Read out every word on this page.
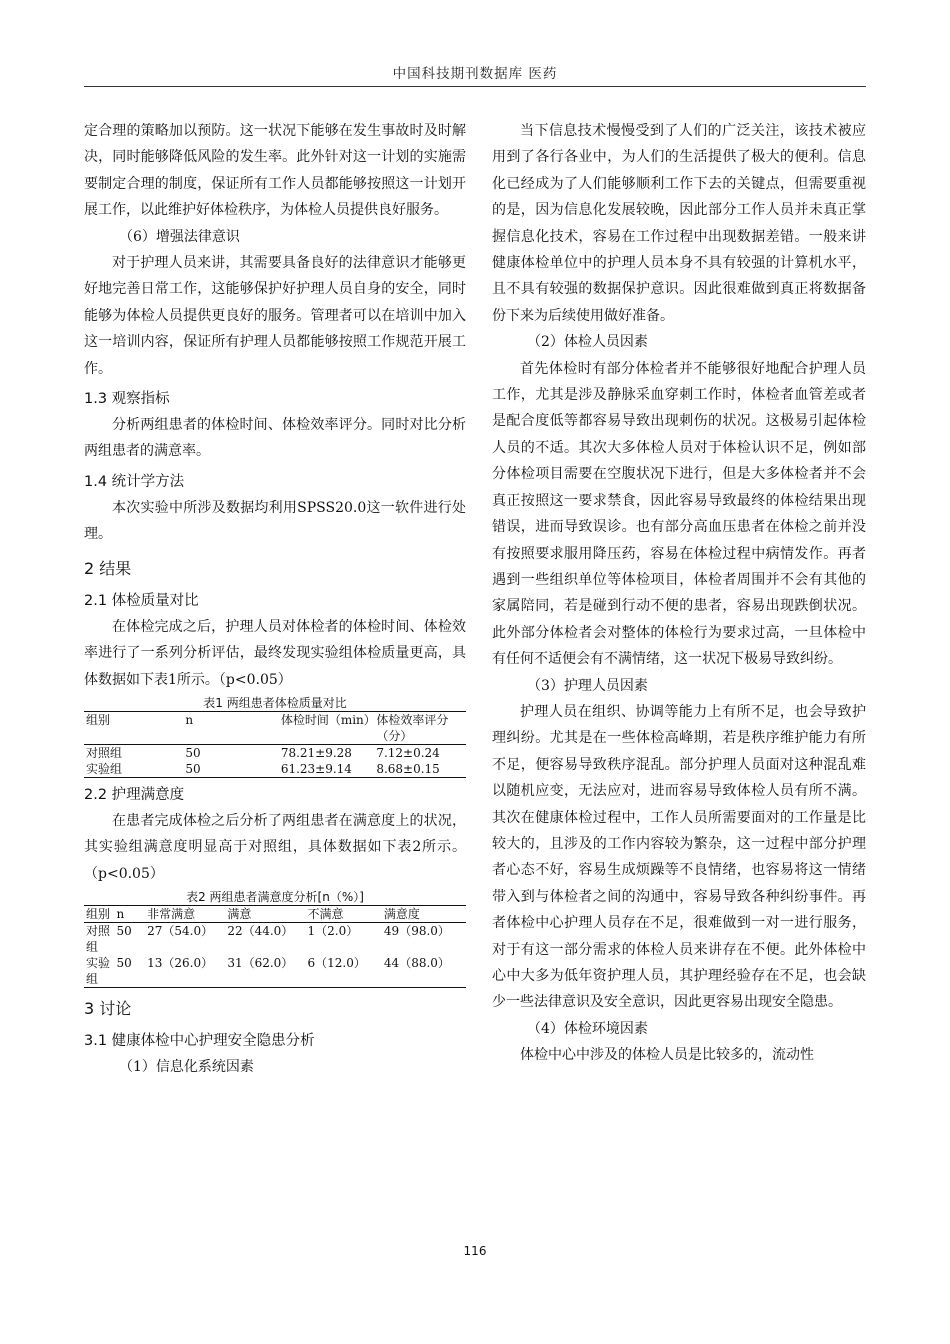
中国科技期刊数据库 医药

定合理的策略加以预防。这一状况下能够在发生事故时及时解决，同时能够降低风险的发生率。此外针对这一计划的实施需要制定合理的制度，保证所有工作人员都能够按照这一计划开展工作，以此维护好体检秩序，为体检人员提供良好服务。

（6）增强法律意识

对于护理人员来讲，其需要具备良好的法律意识才能够更好地完善日常工作，这能够保护好护理人员自身的安全，同时能够为体检人员提供更良好的服务。管理者可以在培训中加入这一培训内容，保证所有护理人员都能够按照工作规范开展工作。

1.3 观察指标

分析两组患者的体检时间、体检效率评分。同时对比分析两组患者的满意率。

1.4 统计学方法

本次实验中所涉及数据均利用SPSS20.0这一软件进行处理。

2 结果
2.1 体检质量对比

在体检完成之后，护理人员对体检者的体检时间、体检效率进行了一系列分析评估，最终发现实验组体检质量更高，具体数据如下表1所示。（p<0.05）

表1 两组患者体检质量对比
组别	n	体检时间（min）	体检效率评分（分）
对照组	50	78.21±9.28	7.12±0.24
实验组	50	61.23±9.14	8.68±0.15
2.2 护理满意度

在患者完成体检之后分析了两组患者在满意度上的状况，其实验组满意度明显高于对照组，具体数据如下表2所示。（p<0.05）

表2 两组患者满意度分析[n（%）]
组别	n	非常满意	满意	不满意	满意度
对照组	50	27（54.0）	22（44.0）	1（2.0）	49（98.0）
实验组	50	13（26.0）	31（62.0）	6（12.0）	44（88.0）
3 讨论
3.1 健康体检中心护理安全隐患分析

（1）信息化系统因素

当下信息技术慢慢受到了人们的广泛关注，该技术被应用到了各行各业中，为人们的生活提供了极大的便利。信息化已经成为了人们能够顺利工作下去的关键点，但需要重视的是，因为信息化发展较晚，因此部分工作人员并未真正掌握信息化技术，容易在工作过程中出现数据差错。一般来讲健康体检单位中的护理人员本身不具有较强的计算机水平，且不具有较强的数据保护意识。因此很难做到真正将数据备份下来为后续使用做好准备。

（2）体检人员因素

首先体检时有部分体检者并不能够很好地配合护理人员工作，尤其是涉及静脉采血穿刺工作时，体检者血管差或者是配合度低等都容易导致出现刺伤的状况。这极易引起体检人员的不适。其次大多体检人员对于体检认识不足，例如部分体检项目需要在空腹状况下进行，但是大多体检者并不会真正按照这一要求禁食，因此容易导致最终的体检结果出现错误，进而导致误诊。也有部分高血压患者在体检之前并没有按照要求服用降压药，容易在体检过程中病情发作。再者遇到一些组织单位等体检项目，体检者周围并不会有其他的家属陪同，若是碰到行动不便的患者，容易出现跌倒状况。此外部分体检者会对整体的体检行为要求过高，一旦体检中有任何不适便会有不满情绪，这一状况下极易导致纠纷。

（3）护理人员因素

护理人员在组织、协调等能力上有所不足，也会导致护理纠纷。尤其是在一些体检高峰期，若是秩序维护能力有所不足，便容易导致秩序混乱。部分护理人员面对这种混乱难以随机应变，无法应对，进而容易导致体检人员有所不满。其次在健康体检过程中，工作人员所需要面对的工作量是比较大的，且涉及的工作内容较为繁杂，这一过程中部分护理者心态不好，容易生成烦躁等不良情绪，也容易将这一情绪带入到与体检者之间的沟通中，容易导致各种纠纷事件。再者体检中心护理人员存在不足，很难做到一对一进行服务，对于有这一部分需求的体检人员来讲存在不便。此外体检中心中大多为低年资护理人员，其护理经验存在不足，也会缺少一些法律意识及安全意识，因此更容易出现安全隐患。

（4）体检环境因素

体检中心中涉及的体检人员是比较多的，流动性

116
